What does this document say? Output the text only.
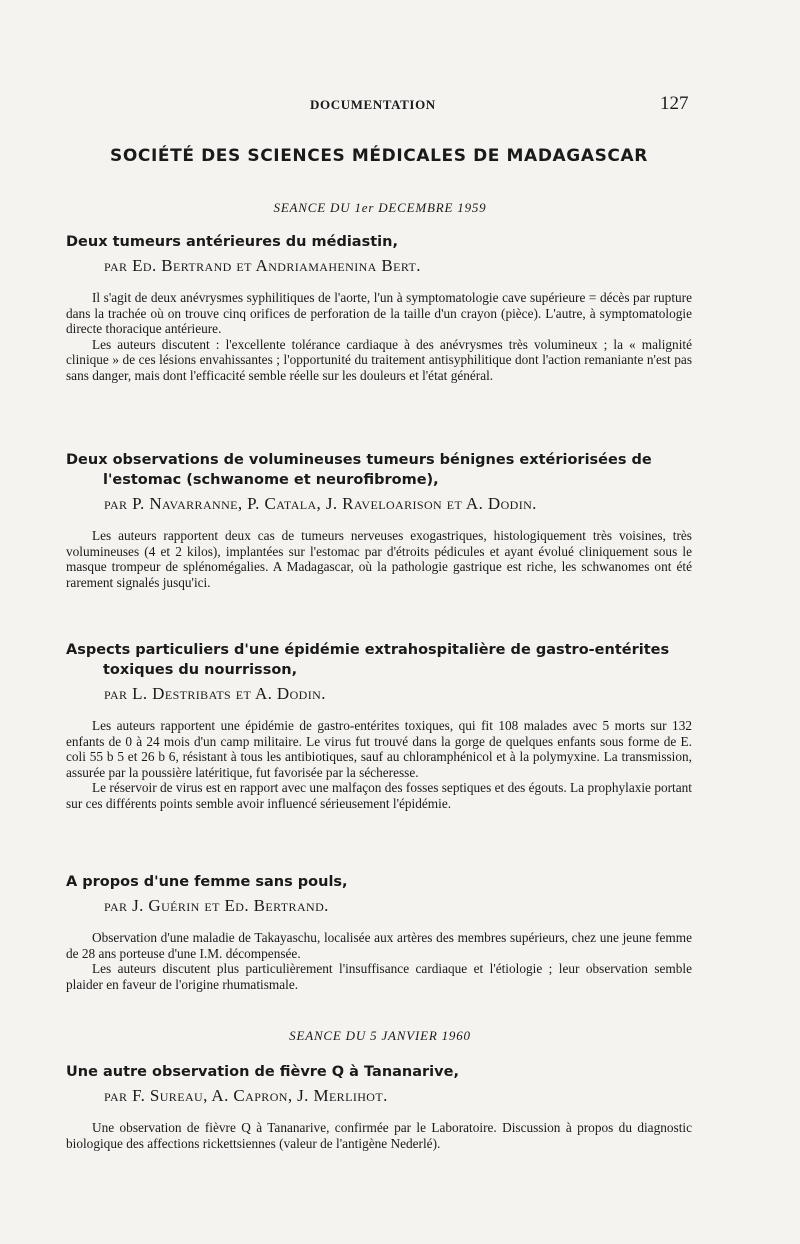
DOCUMENTATION	127
SOCIÉTÉ DES SCIENCES MÉDICALES DE MADAGASCAR
SEANCE DU 1er DECEMBRE 1959
Deux tumeurs antérieures du médiastin,
par Ed. Bertrand et Andriamahenina Bert.

Il s'agit de deux anévrysmes syphilitiques de l'aorte, l'un à symptomatologie cave supérieure = décès par rupture dans la trachée où on trouve cinq orifices de perforation de la taille d'un crayon (pièce). L'autre, à symptomatologie directe thoracique antérieure.

Les auteurs discutent : l'excellente tolérance cardiaque à des anévrysmes très volumineux ; la « malignité clinique » de ces lésions envahissantes ; l'opportunité du traitement antisyphilitique dont l'action remaniante n'est pas sans danger, mais dont l'efficacité semble réelle sur les douleurs et l'état général.

Deux observations de volumineuses tumeurs bénignes extériorisées de l'estomac (schwanome et neurofibrome),
par P. Navarranne, P. Catala, J. Raveloarison et A. Dodin.

Les auteurs rapportent deux cas de tumeurs nerveuses exogastriques, histologiquement très voisines, très volumineuses (4 et 2 kilos), implantées sur l'estomac par d'étroits pédicules et ayant évolué cliniquement sous le masque trompeur de splénomégalies. A Madagascar, où la pathologie gastrique est riche, les schwanomes ont été rarement signalés jusqu'ici.

Aspects particuliers d'une épidémie extrahospitalière de gastro-entérites toxiques du nourrisson,
par L. Destribats et A. Dodin.

Les auteurs rapportent une épidémie de gastro-entérites toxiques, qui fit 108 malades avec 5 morts sur 132 enfants de 0 à 24 mois d'un camp militaire. Le virus fut trouvé dans la gorge de quelques enfants sous forme de E. coli 55 b 5 et 26 b 6, résistant à tous les antibiotiques, sauf au chloramphénicol et à la polymyxine. La transmission, assurée par la poussière latéritique, fut favorisée par la sécheresse.

Le réservoir de virus est en rapport avec une malfaçon des fosses septiques et des égouts. La prophylaxie portant sur ces différents points semble avoir influencé sérieusement l'épidémie.

A propos d'une femme sans pouls,
par J. Guérin et Ed. Bertrand.

Observation d'une maladie de Takayaschu, localisée aux artères des membres supérieurs, chez une jeune femme de 28 ans porteuse d'une I.M. décompensée.

Les auteurs discutent plus particulièrement l'insuffisance cardiaque et l'étiologie ; leur observation semble plaider en faveur de l'origine rhumatismale.

SEANCE DU 5 JANVIER 1960
Une autre observation de fièvre Q à Tananarive,
par F. Sureau, A. Capron, J. Merlihot.

Une observation de fièvre Q à Tananarive, confirmée par le Laboratoire. Discussion à propos du diagnostic biologique des affections rickettsiennes (valeur de l'antigène Nederlé).
